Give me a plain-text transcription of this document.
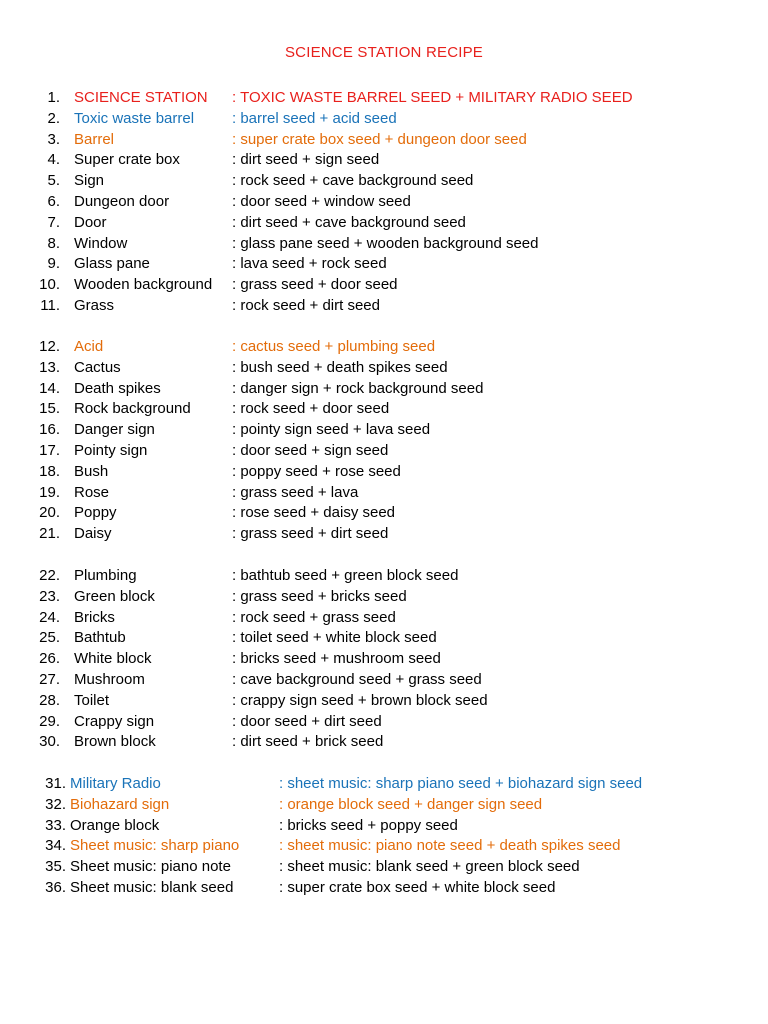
SCIENCE STATION RECIPE
1. SCIENCE STATION : TOXIC WASTE BARREL SEED + MILITARY RADIO SEED
2. Toxic waste barrel	: barrel seed + acid seed
3. Barrel	: super crate box seed + dungeon door seed
4. Super crate box	: dirt seed + sign seed
5. Sign	: rock seed + cave background seed
6. Dungeon door	: door seed + window seed
7. Door	: dirt seed + cave background seed
8. Window	: glass pane seed + wooden background seed
9. Glass pane	: lava seed + rock seed
10. Wooden background : grass seed + door seed
11. Grass	: rock seed + dirt seed
12. Acid	: cactus seed + plumbing seed
13. Cactus	: bush seed + death spikes seed
14. Death spikes	: danger sign + rock background seed
15. Rock background	: rock seed + door seed
16. Danger sign	: pointy sign seed + lava seed
17. Pointy sign	: door seed + sign seed
18. Bush	: poppy seed + rose seed
19. Rose	: grass seed + lava
20. Poppy	: rose seed + daisy seed
21. Daisy	: grass seed + dirt seed
22. Plumbing	: bathtub seed + green block seed
23. Green block	: grass seed + bricks seed
24. Bricks	: rock seed + grass seed
25. Bathtub	: toilet seed + white block seed
26. White block	: bricks seed + mushroom seed
27. Mushroom	: cave background seed + grass seed
28. Toilet	: crappy sign seed + brown block seed
29. Crappy sign	: door seed + dirt seed
30. Brown block	: dirt seed + brick seed
31. Military Radio	: sheet music: sharp piano seed + biohazard sign seed
32. Biohazard sign	: orange block seed + danger sign seed
33. Orange block	: bricks seed + poppy seed
34. Sheet music: sharp piano	: sheet music: piano note seed + death spikes seed
35. Sheet music: piano note	: sheet music: blank seed + green block seed
36. Sheet music: blank seed	: super crate box seed + white block seed
